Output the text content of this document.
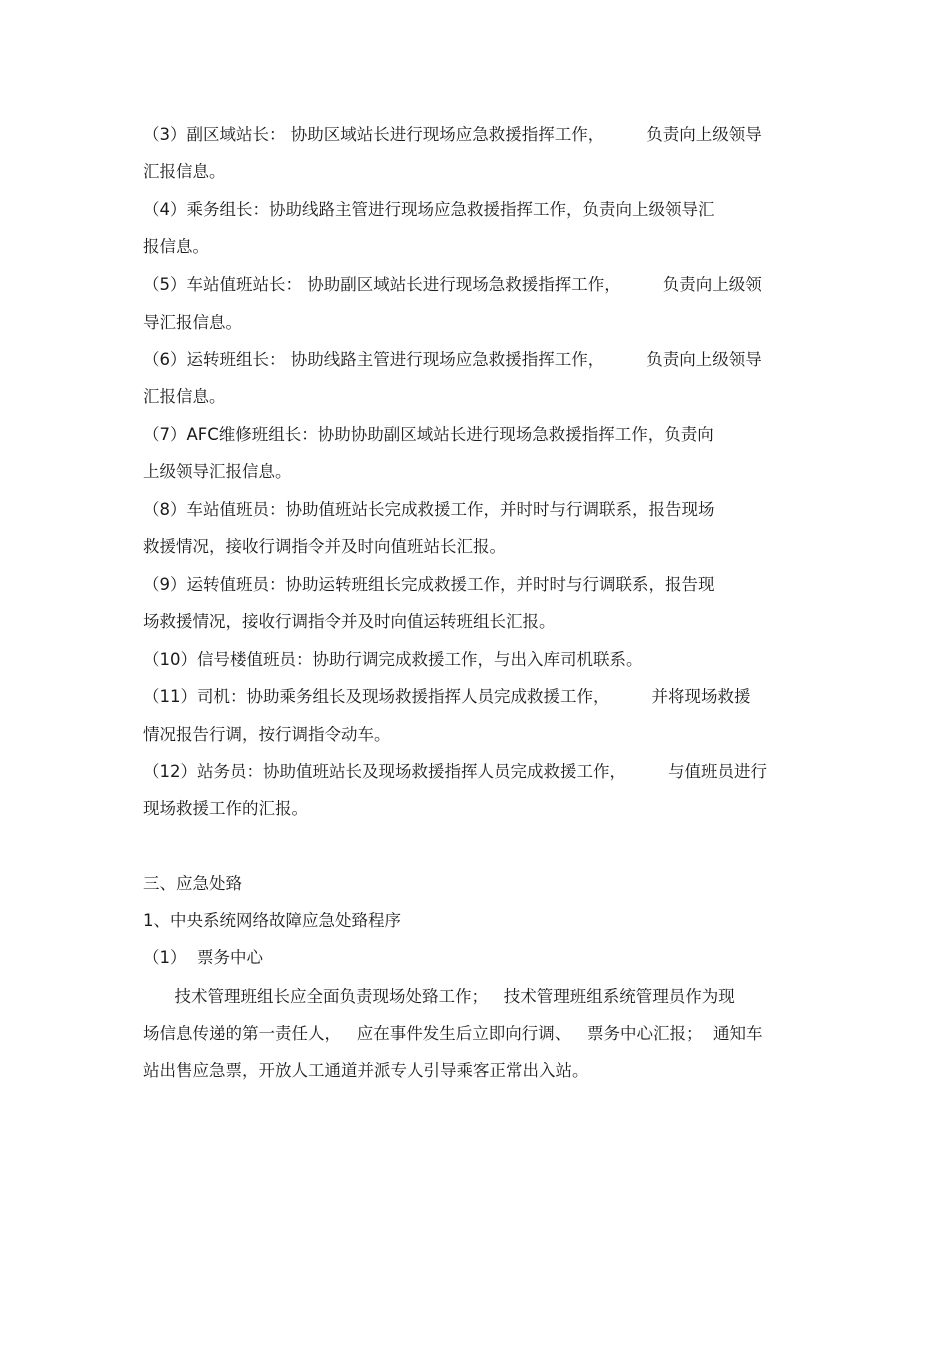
（3）副区域站长： 协助区域站长进行现场应急救援指挥工作，        负责向上级领导
汇报信息。
（4）乘务组长：协助线路主管进行现场应急救援指挥工作，负责向上级领导汇
报信息。
（5）车站值班站长： 协助副区域站长进行现场急救援指挥工作，        负责向上级领
导汇报信息。
（6）运转班组长： 协助线路主管进行现场应急救援指挥工作，        负责向上级领导
汇报信息。
（7）AFC维修班组长：协助协助副区域站长进行现场急救援指挥工作，负责向
上级领导汇报信息。
（8）车站值班员：协助值班站长完成救援工作，并时时与行调联系，报告现场
救援情况，接收行调指令并及时向值班站长汇报。
（9）运转值班员：协助运转班组长完成救援工作，并时时与行调联系，报告现
场救援情况，接收行调指令并及时向值运转班组长汇报。
（10）信号楼值班员：协助行调完成救援工作，与出入库司机联系。
（11）司机：协助乘务组长及现场救援指挥人员完成救援工作，        并将现场救援
情况报告行调，按行调指令动车。
（12）站务员：协助值班站长及现场救援指挥人员完成救援工作，        与值班员进行
现场救援工作的汇报。
三、应急处臵
1、中央系统网络故障应急处臵程序
（1）  票务中心
技术管理班组长应全面负责现场处臵工作；   技术管理班组系统管理员作为现
场信息传递的第一责任人，   应在事件发生后立即向行调、   票务中心汇报；  通知车
站出售应急票，开放人工通道并派专人引导乘客正常出入站。
